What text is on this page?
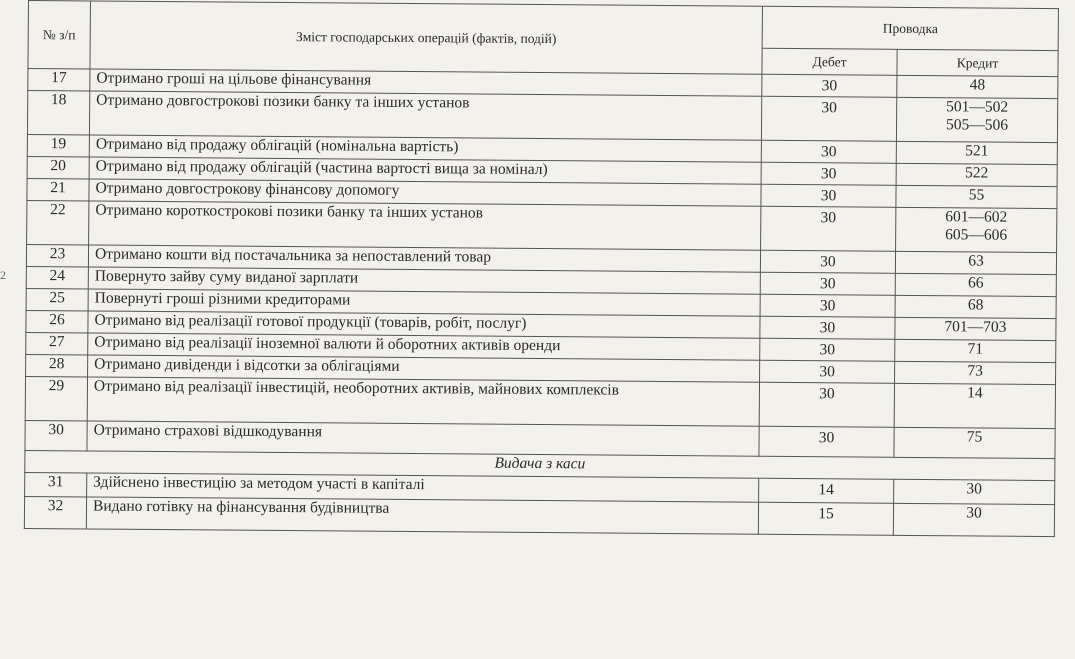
2
№ з/п	Зміст господарських операцій (фактів, подій)	Проводка	
		Дебет	Кредит
17	Отримано гроші на цільове фінансування	30	48
18	Отримано довгострокові позики банку та інших установ	30	501—502
505—506
19	Отримано від продажу облігацій (номінальна вартість)	30	521
20	Отримано від продажу облігацій (частина вартості вища за номінал)	30	522
21	Отримано довгострокову фінансову допомогу	30	55
22	Отримано короткострокові позики банку та інших установ	30	601—602
605—606
23	Отримано кошти від постачальника за непоставлений товар	30	63
24	Повернуто зайву суму виданої зарплати	30	66
25	Повернуті гроші різними кредиторами	30	68
26	Отримано від реалізації готової продукції (товарів, робіт, послуг)	30	701—703
27	Отримано від реалізації іноземної валюти й оборотних активів оренди	30	71
28	Отримано дивіденди і відсотки за облігаціями	30	73
29	Отримано від реалізації інвестицій, необоротних активів, майнових комплексів	30	14
30	Отримано страхові відшкодування	30	75
Видача з каси			
31	Здійснено інвестицію за методом участі в капіталі	14	30
32	Видано готівку на фінансування будівництва	15	30
